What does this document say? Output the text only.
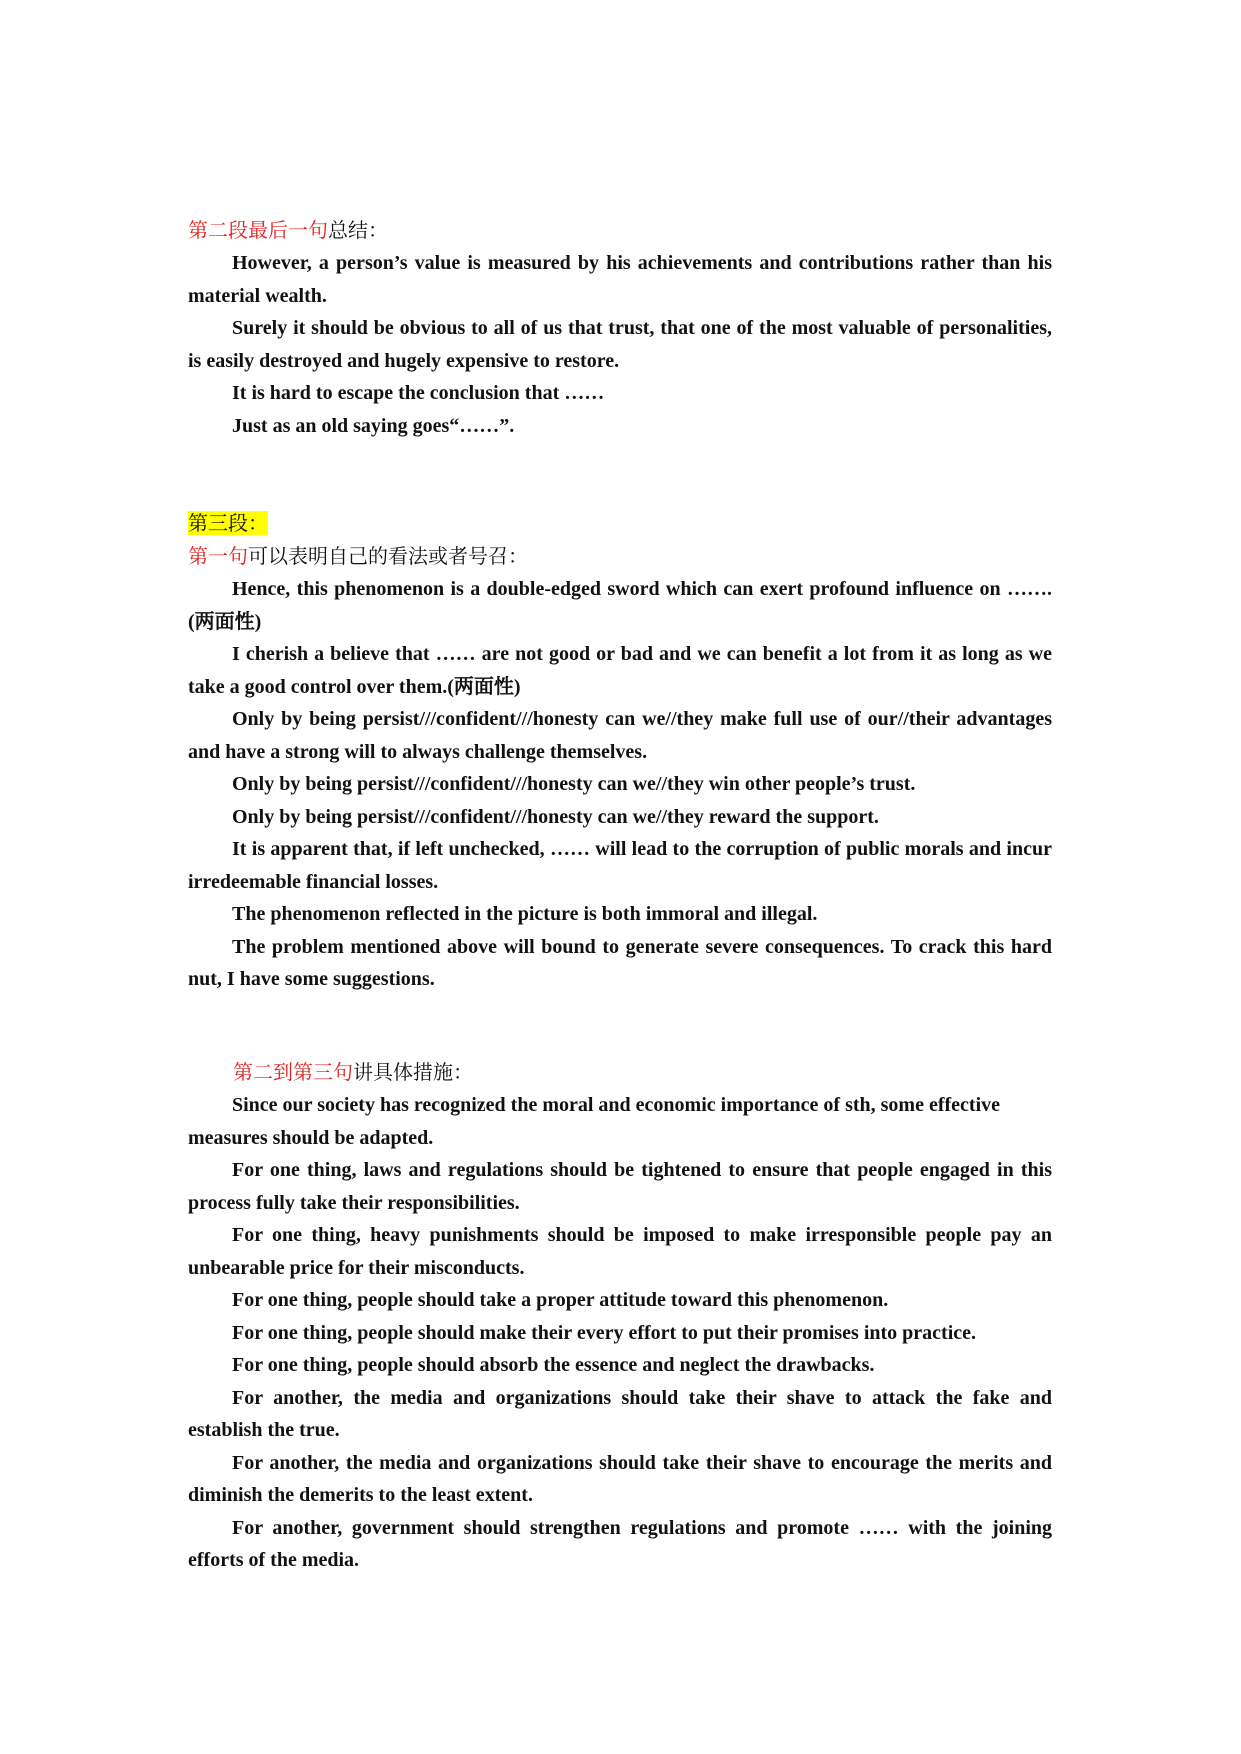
第二段最后一句总结：

However, a person’s value is measured by his achievements and contributions rather than his material wealth.

Surely it should be obvious to all of us that trust, that one of the most valuable of personalities, is easily destroyed and hugely expensive to restore.

It is hard to escape the conclusion that ……

Just as an old saying goes“……”.

第三段：
第一句可以表明自己的看法或者号召：

Hence, this phenomenon is a double-edged sword which can exert profound influence on ……. (两面性)

I cherish a believe that …… are not good or bad and we can benefit a lot from it as long as we take a good control over them.(两面性)

Only by being persist///confident///honesty can we//they make full use of our//their advantages and have a strong will to always challenge themselves.

Only by being persist///confident///honesty can we//they win other people’s trust.

Only by being persist///confident///honesty can we//they reward the support.

It is apparent that, if left unchecked, …… will lead to the corruption of public morals and incur irredeemable financial losses.

The phenomenon reflected in the picture is both immoral and illegal.

The problem mentioned above will bound to generate severe consequences. To crack this hard nut, I have some suggestions.

第二到第三句讲具体措施：

Since our society has recognized the moral and economic importance of sth, some effective measures should be adapted.

For one thing, laws and regulations should be tightened to ensure that people engaged in this process fully take their responsibilities.

For one thing, heavy punishments should be imposed to make irresponsible people pay an unbearable price for their misconducts.

For one thing, people should take a proper attitude toward this phenomenon.

For one thing, people should make their every effort to put their promises into practice.

For one thing, people should absorb the essence and neglect the drawbacks.

For another, the media and organizations should take their shave to attack the fake and establish the true.

For another, the media and organizations should take their shave to encourage the merits and diminish the demerits to the least extent.

For another, government should strengthen regulations and promote …… with the joining efforts of the media.
